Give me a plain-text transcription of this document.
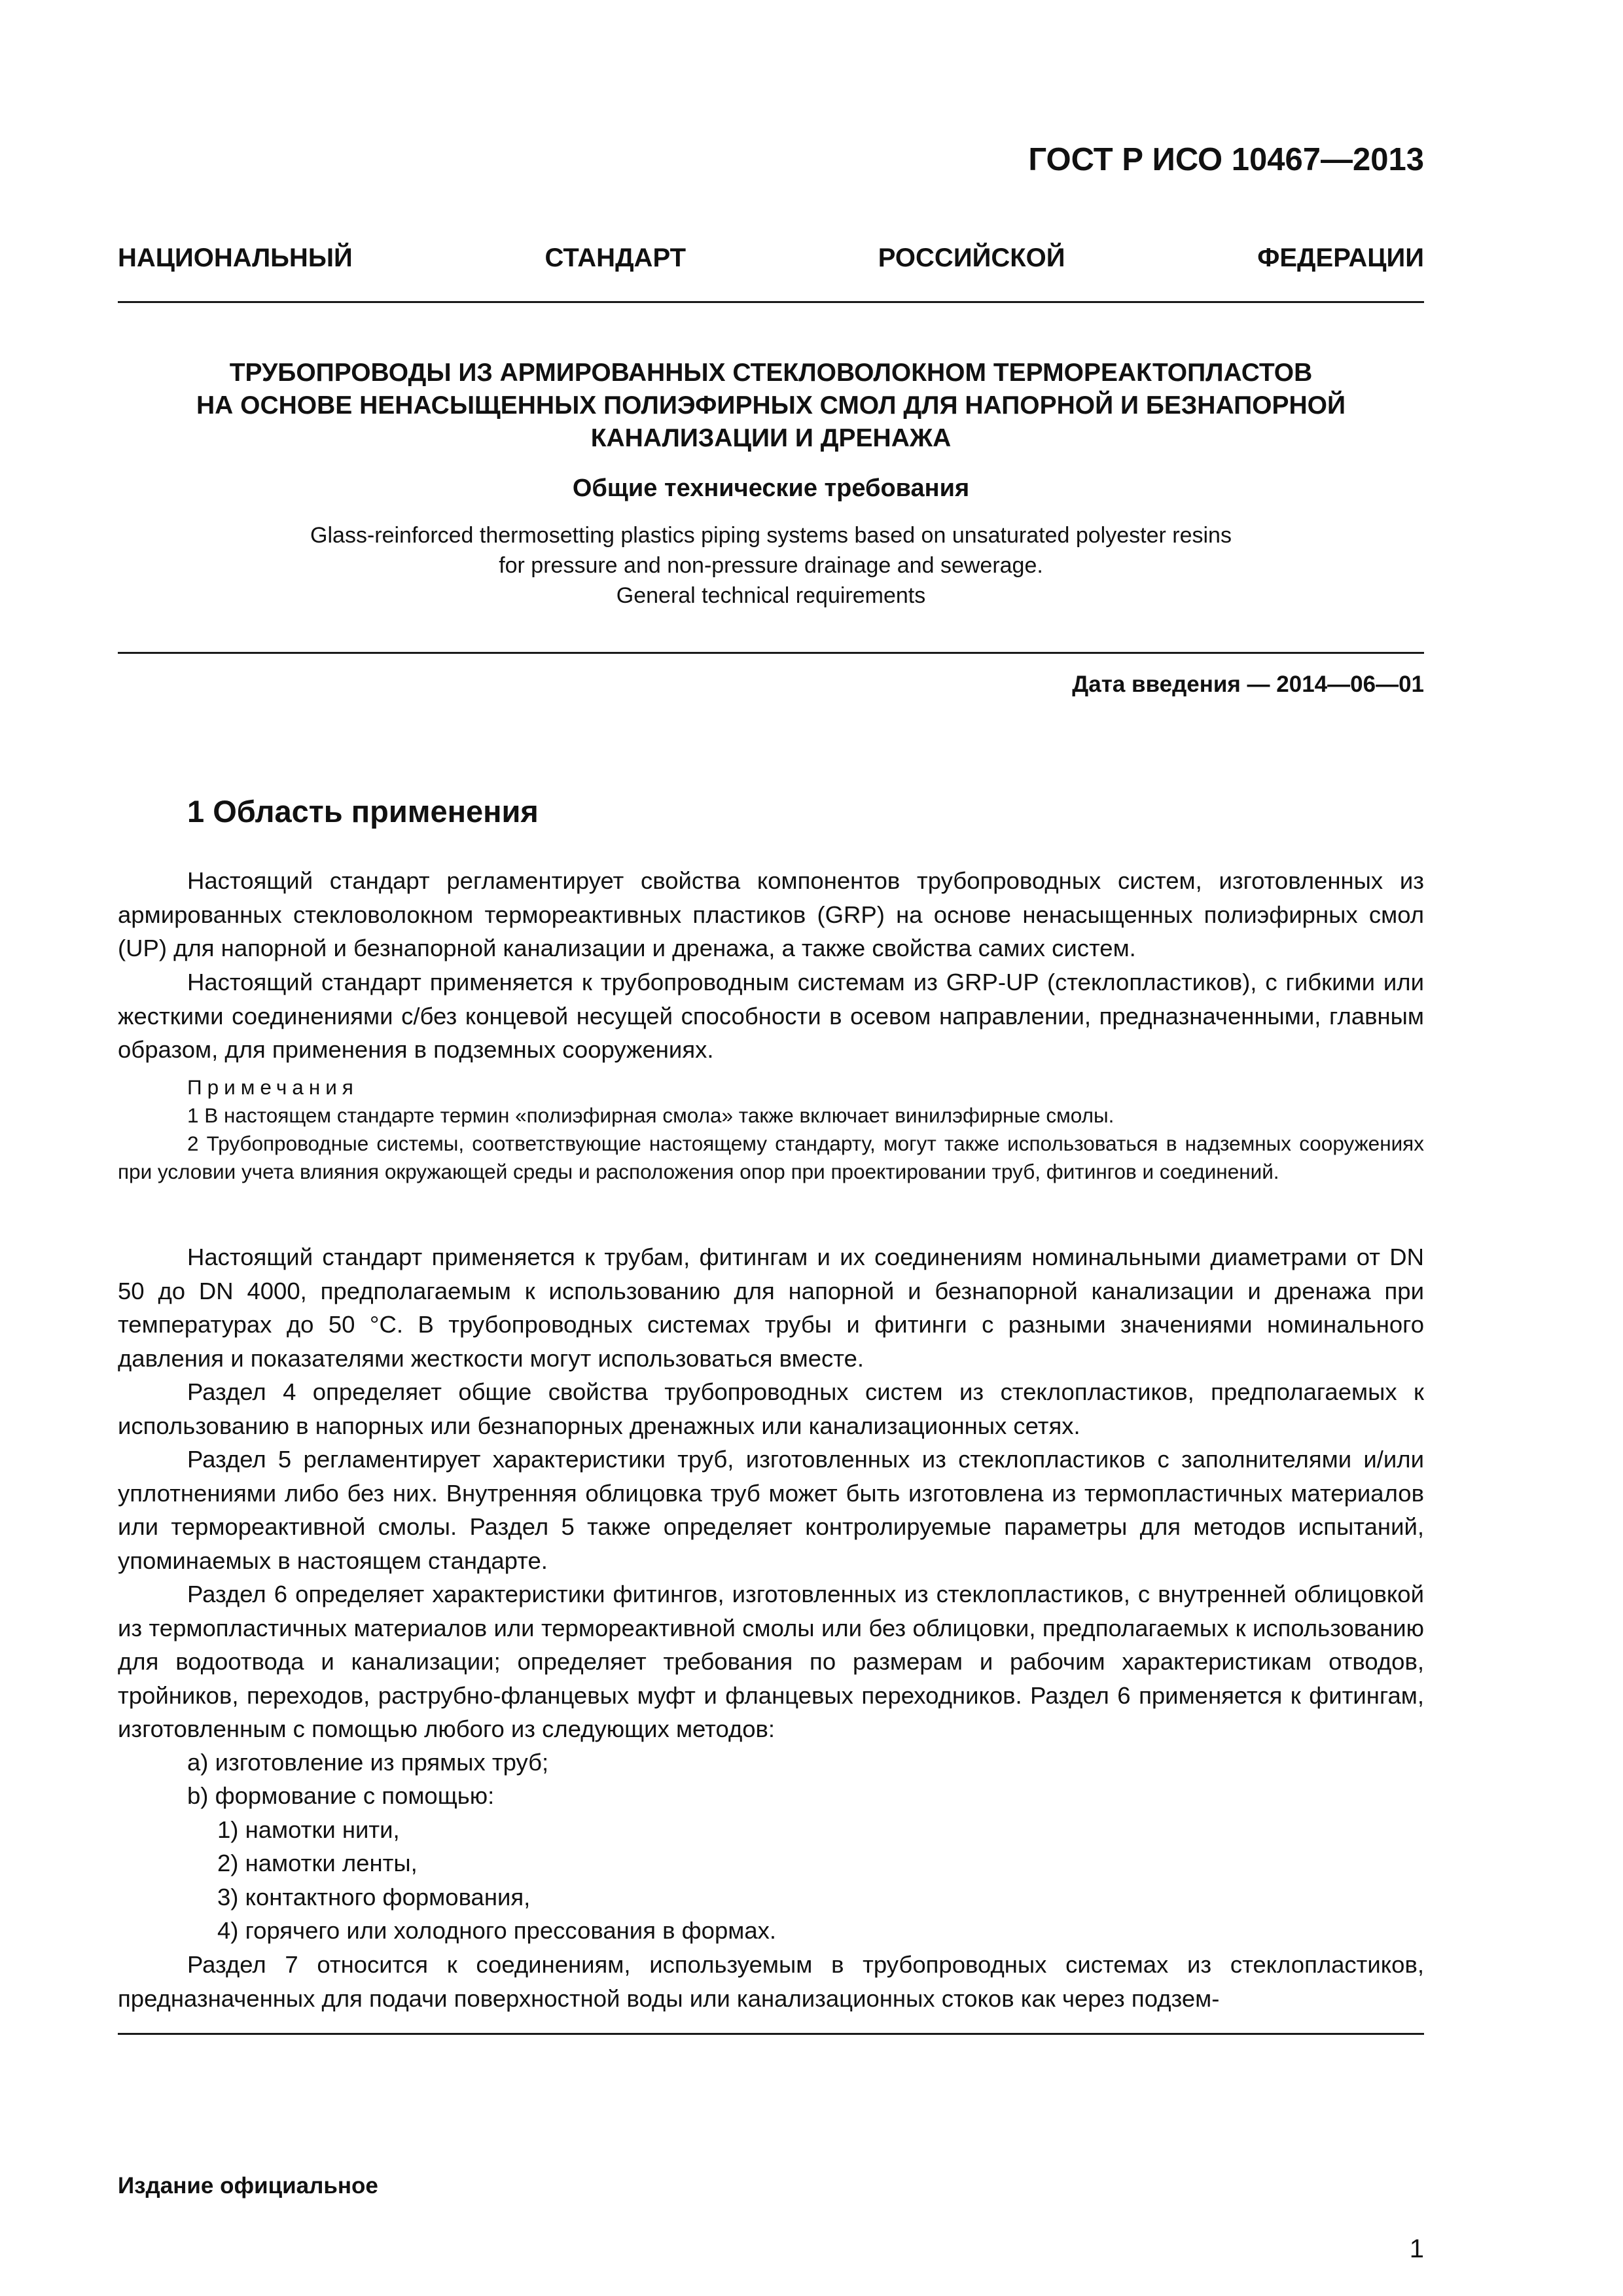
ГОСТ Р ИСО 10467—2013
НАЦИОНАЛЬНЫЙ	СТАНДАРТ	РОССИЙСКОЙ	ФЕДЕРАЦИИ
ТРУБОПРОВОДЫ ИЗ АРМИРОВАННЫХ СТЕКЛОВОЛОКНОМ ТЕРМОРЕАКТОПЛАСТОВ
НА ОСНОВЕ НЕНАСЫЩЕННЫХ ПОЛИЭФИРНЫХ СМОЛ ДЛЯ НАПОРНОЙ И БЕЗНАПОРНОЙ
КАНАЛИЗАЦИИ И ДРЕНАЖА
Общие технические требования
Glass-reinforced thermosetting plastics piping systems based on unsaturated polyester resins
for pressure and non-pressure drainage and sewerage.
General technical requirements
Дата введения — 2014—06—01
1 Область применения
Настоящий стандарт регламентирует свойства компонентов трубопроводных систем, изготовленных из армированных стекловолокном термореактивных пластиков (GRP) на основе ненасыщенных полиэфирных смол (UP) для напорной и безнапорной канализации и дренажа, а также свойства самих систем.
Настоящий стандарт применяется к трубопроводным системам из GRP-UP (стеклопластиков), с гибкими или жесткими соединениями с/без концевой несущей способности в осевом направлении, предназначенными, главным образом, для применения в подземных сооружениях.
Примечания
1 В настоящем стандарте термин «полиэфирная смола» также включает винилэфирные смолы.
2 Трубопроводные системы, соответствующие настоящему стандарту, могут также использоваться в надземных сооружениях при условии учета влияния окружающей среды и расположения опор при проектировании труб, фитингов и соединений.
Настоящий стандарт применяется к трубам, фитингам и их соединениям номинальными диаметрами от DN 50 до DN 4000, предполагаемым к использованию для напорной и безнапорной канализации и дренажа при температурах до 50 °С. В трубопроводных системах трубы и фитинги с разными значениями номинального давления и показателями жесткости могут использоваться вместе.
Раздел 4 определяет общие свойства трубопроводных систем из стеклопластиков, предполагаемых к использованию в напорных или безнапорных дренажных или канализационных сетях.
Раздел 5 регламентирует характеристики труб, изготовленных из стеклопластиков с заполнителями и/или уплотнениями либо без них. Внутренняя облицовка труб может быть изготовлена из термопластичных материалов или термореактивной смолы. Раздел 5 также определяет контролируемые параметры для методов испытаний, упоминаемых в настоящем стандарте.
Раздел 6 определяет характеристики фитингов, изготовленных из стеклопластиков, с внутренней облицовкой из термопластичных материалов или термореактивной смолы или без облицовки, предполагаемых к использованию для водоотвода и канализации; определяет требования по размерам и рабочим характеристикам отводов, тройников, переходов, раструбно-фланцевых муфт и фланцевых переходников. Раздел 6 применяется к фитингам, изготовленным с помощью любого из следующих методов:
a) изготовление из прямых труб;
b) формование с помощью:
1) намотки нити,
2) намотки ленты,
3) контактного формования,
4) горячего или холодного прессования в формах.
Раздел 7 относится к соединениям, используемым в трубопроводных системах из стеклопластиков, предназначенных для подачи поверхностной воды или канализационных стоков как через подзем-
Издание официальное
1
